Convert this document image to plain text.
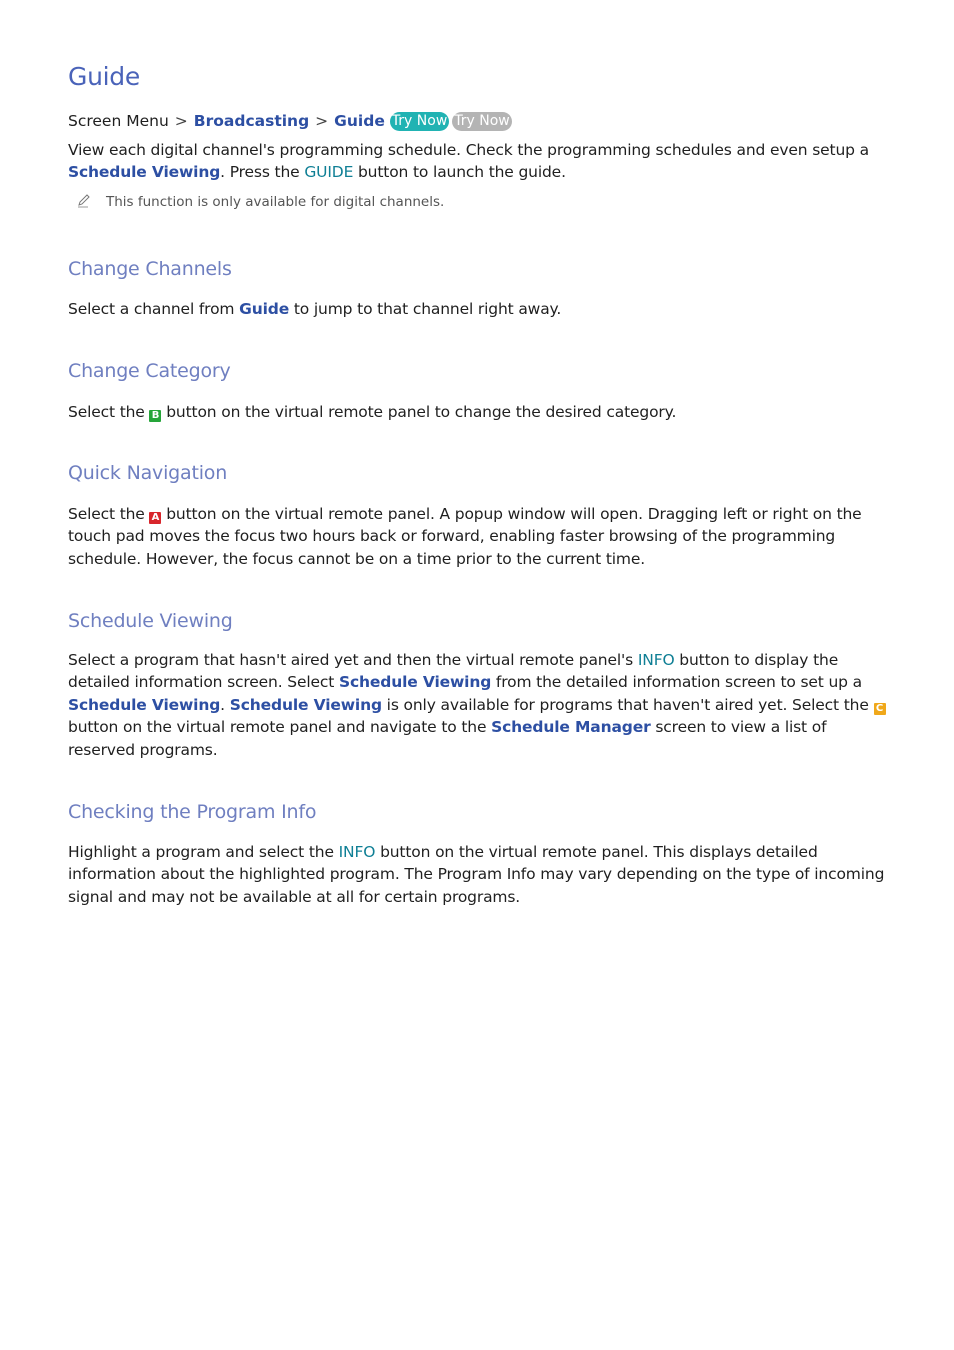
Guide
Screen Menu > Broadcasting > Guide Try Now Try Now

View each digital channel's programming schedule. Check the programming schedules and even setup a Schedule Viewing. Press the GUIDE button to launch the guide.

This function is only available for digital channels.
Change Channels

Select a channel from Guide to jump to that channel right away.

Change Category

Select the B button on the virtual remote panel to change the desired category.

Quick Navigation

Select the A button on the virtual remote panel. A popup window will open. Dragging left or right on the touch pad moves the focus two hours back or forward, enabling faster browsing of the programming schedule. However, the focus cannot be on a time prior to the current time.

Schedule Viewing

Select a program that hasn't aired yet and then the virtual remote panel's INFO button to display the detailed information screen. Select Schedule Viewing from the detailed information screen to set up a Schedule Viewing. Schedule Viewing is only available for programs that haven't aired yet. Select the C button on the virtual remote panel and navigate to the Schedule Manager screen to view a list of reserved programs.

Checking the Program Info

Highlight a program and select the INFO button on the virtual remote panel. This displays detailed information about the highlighted program. The Program Info may vary depending on the type of incoming signal and may not be available at all for certain programs.
